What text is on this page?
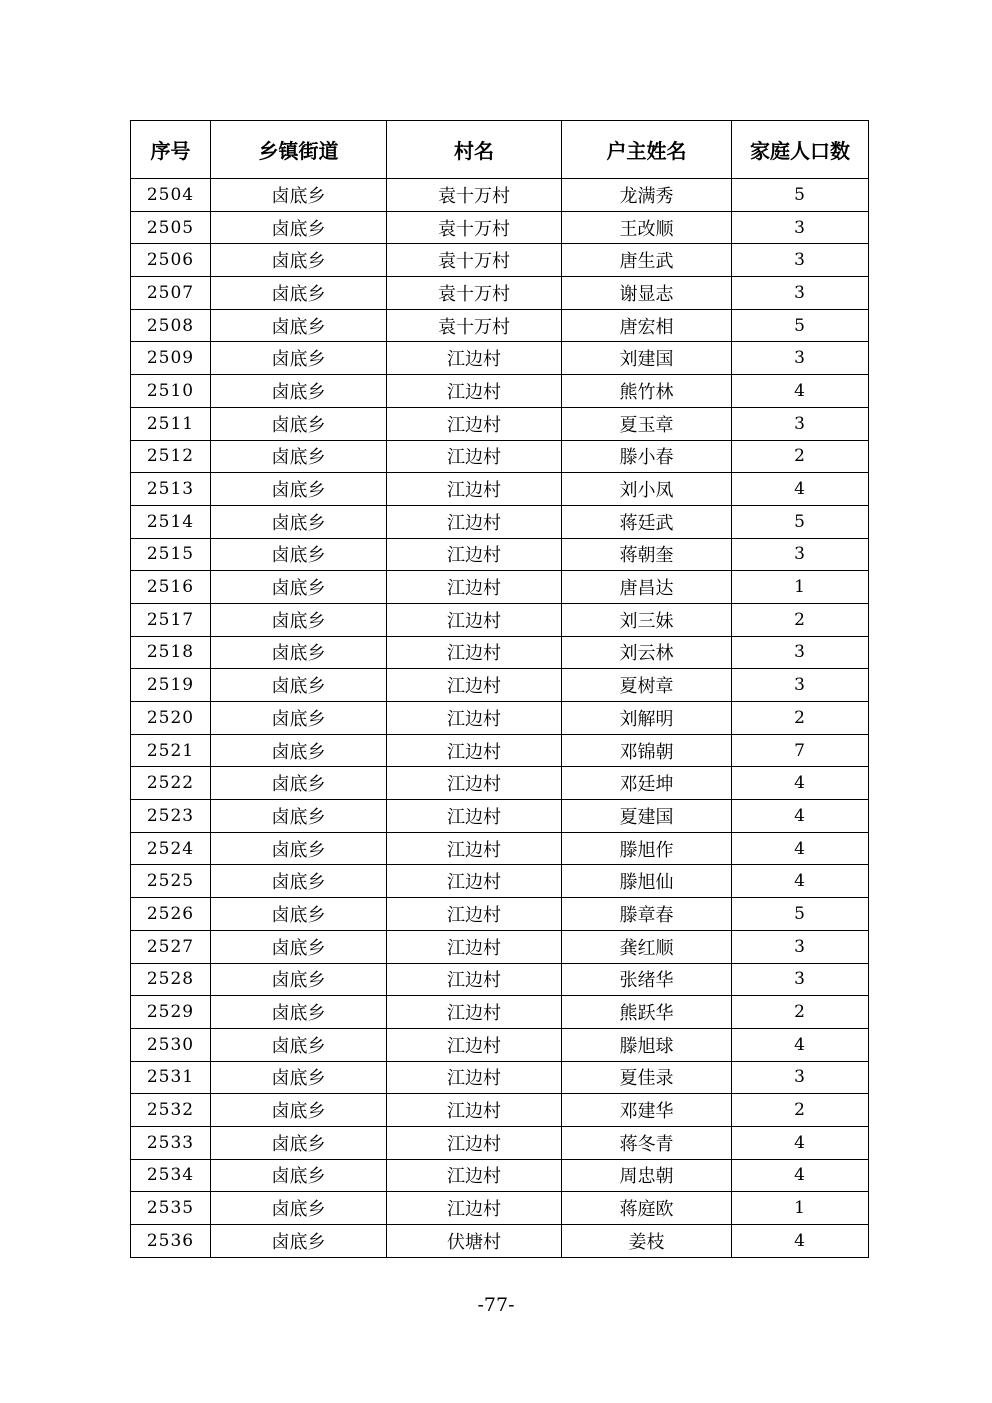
序号	乡镇街道	村名	户主姓名	家庭人口数
2504	卤底乡	袁十万村	龙满秀	5
2505	卤底乡	袁十万村	王改顺	3
2506	卤底乡	袁十万村	唐生武	3
2507	卤底乡	袁十万村	谢显志	3
2508	卤底乡	袁十万村	唐宏相	5
2509	卤底乡	江边村	刘建国	3
2510	卤底乡	江边村	熊竹林	4
2511	卤底乡	江边村	夏玉章	3
2512	卤底乡	江边村	滕小春	2
2513	卤底乡	江边村	刘小凤	4
2514	卤底乡	江边村	蒋廷武	5
2515	卤底乡	江边村	蒋朝奎	3
2516	卤底乡	江边村	唐昌达	1
2517	卤底乡	江边村	刘三妹	2
2518	卤底乡	江边村	刘云林	3
2519	卤底乡	江边村	夏树章	3
2520	卤底乡	江边村	刘解明	2
2521	卤底乡	江边村	邓锦朝	7
2522	卤底乡	江边村	邓廷坤	4
2523	卤底乡	江边村	夏建国	4
2524	卤底乡	江边村	滕旭作	4
2525	卤底乡	江边村	滕旭仙	4
2526	卤底乡	江边村	滕章春	5
2527	卤底乡	江边村	龚红顺	3
2528	卤底乡	江边村	张绪华	3
2529	卤底乡	江边村	熊跃华	2
2530	卤底乡	江边村	滕旭球	4
2531	卤底乡	江边村	夏佳录	3
2532	卤底乡	江边村	邓建华	2
2533	卤底乡	江边村	蒋冬青	4
2534	卤底乡	江边村	周忠朝	4
2535	卤底乡	江边村	蒋庭欧	1
2536	卤底乡	伏塘村	姜枝	4
-77-
